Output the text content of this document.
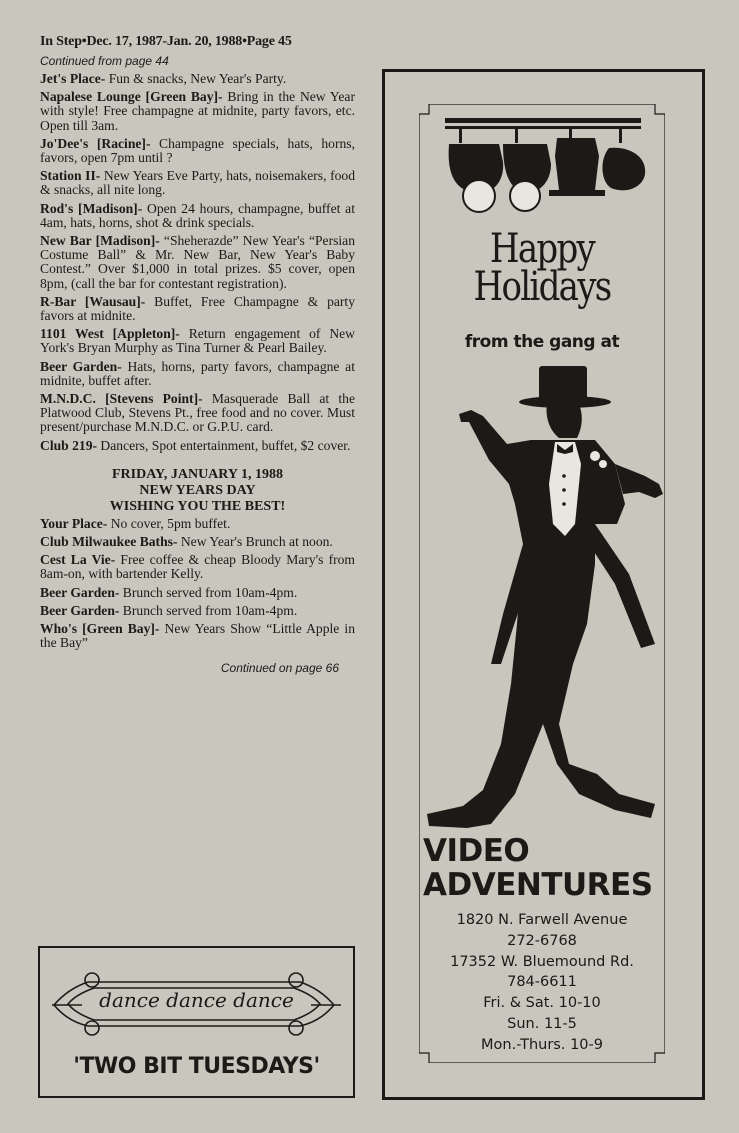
In Step•Dec. 17, 1987-Jan. 20, 1988•Page 45
Continued from page 44

Jet's Place- Fun & snacks, New Year's Party.

Napalese Lounge [Green Bay]- Bring in the New Year with style! Free champagne at midnite, party favors, etc. Open till 3am.

Jo'Dee's [Racine]- Champagne specials, hats, horns, favors, open 7pm until ?

Station II- New Years Eve Party, hats, noisemakers, food & snacks, all nite long.

Rod's [Madison]- Open 24 hours, champagne, buffet at 4am, hats, horns, shot & drink specials.

New Bar [Madison]- “Sheherazde” New Year's “Persian Costume Ball” & Mr. New Bar, New Year's Baby Contest.” Over $1,000 in total prizes. $5 cover, open 8pm, (call the bar for contestant registration).

R-Bar [Wausau]- Buffet, Free Champagne & party favors at midnite.

1101 West [Appleton]- Return engagement of New York's Bryan Murphy as Tina Turner & Pearl Bailey.

Beer Garden- Hats, horns, party favors, champagne at midnite, buffet after.

M.N.D.C. [Stevens Point]- Masquerade Ball at the Platwood Club, Stevens Pt., free food and no cover. Must present/purchase M.N.D.C. or G.P.U. card.

Club 219- Dancers, Spot entertainment, buffet, $2 cover.

FRIDAY, JANUARY 1, 1988
NEW YEARS DAY
WISHING YOU THE BEST!

Your Place- No cover, 5pm buffet.

Club Milwaukee Baths- New Year's Brunch at noon.

Cest La Vie- Free coffee & cheap Bloody Mary's from 8am-on, with bartender Kelly.

Beer Garden- Brunch served from 10am-4pm.

Beer Garden- Brunch served from 10am-4pm.

Who's [Green Bay]- New Years Show “Little Apple in the Bay”

Continued on page 66
dance dance dance
'TWO BIT TUESDAYS'
Happy
Holidays
from the gang at
VIDEO
ADVENTURES
1820 N. Farwell Avenue
272-6768
17352 W. Bluemound Rd.
784-6611
Fri. & Sat. 10-10
Sun. 11-5
Mon.-Thurs. 10-9
